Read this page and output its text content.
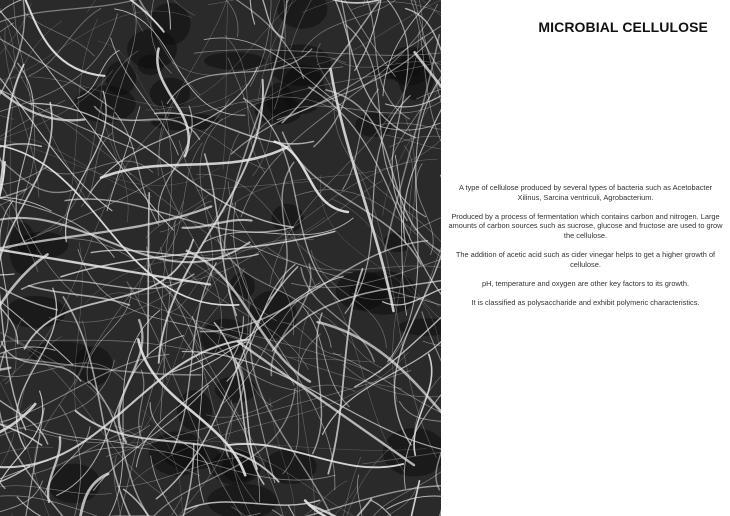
MICROBIAL CELLULOSE

A type of cellulose produced by several types of bacteria such as Acetobacter Xilinus, Sarcina ventriculi, Agrobacterium.

Produced by a process of fermentation which contains carbon and nitrogen. Large amounts of carbon sources such as sucrose, glucose and fructose are used to grow the cellulose.

The addition of acetic acid such as cider vinegar helps to get a higher growth of cellulose.

pH, temperature and oxygen are other key factors to its growth.

It is classified as polysaccharide and exhibit polymeric characteristics.
